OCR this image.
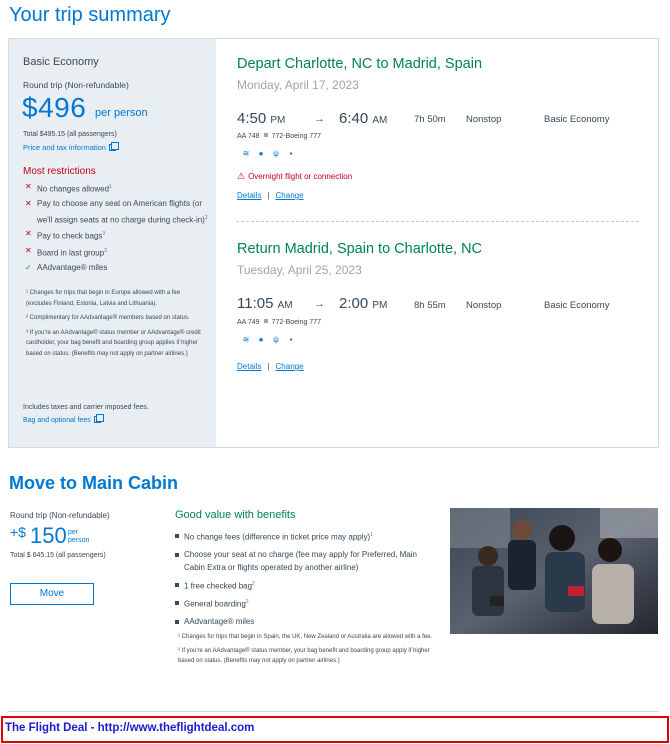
Your trip summary
Basic Economy
Round trip (Non-refundable)
$496 per person
Total $495.15 (all passengers)
Price and tax information
Most restrictions
✕ No changes allowed$^1$
✕ Pay to choose any seat on American flights (or we'll assign seats at no charge during check-in)$^2$
✕ Pay to check bags$^3$
✕ Board in last group$^3$
✓ AAdvantage® miles

¹ Changes for trips that begin in Europe allowed with a fee (excludes Finland, Estonia, Latvia and Lithuania).

² Complimentary for AAdvantage® members based on status.

³ If you're an AAdvantage® status member or AAdvantage® credit cardholder, your bag benefit and boarding group applies if higher based on status. (Benefits may not apply on partner airlines.)

Includes taxes and carrier imposed fees.
Bag and optional fees
Depart Charlotte, NC to Madrid, Spain
Monday, April 17, 2023
4:50 PM	→ 6:40 AM	7h 50m Nonstop	Basic Economy
AA 748 772-Boeing 777
≋ ● ψ	▪
⚠ Overnight flight or connection
Details | Change
Return Madrid, Spain to Charlotte, NC
Tuesday, April 25, 2023
11:05 AM → 2:00 PM	8h 55m Nonstop	Basic Economy
AA 749 772-Boeing 777
≋ ● ψ	▪
Details | Change
Move to Main Cabin
Round trip (Non-refundable)
+$ 150 per
person
Total $ 645.15 (all passengers)
Move
Good value with benefits
No change fees (difference in ticket price may apply)$^1$
Choose your seat at no charge (fee may apply for Preferred, Main Cabin Extra or flights operated by another airline)
1 free checked bag$^2$
General boarding$^2$
AAdvantage® miles

¹ Changes for trips that begin in Spain, the UK, New Zealand or Australia are allowed with a fee.

² If you're an AAdvantage® status member, your bag benefit and boarding group apply if higher based on status. (Benefits may not apply on partner airlines.)

The Flight Deal - http://www.theflightdeal.com
